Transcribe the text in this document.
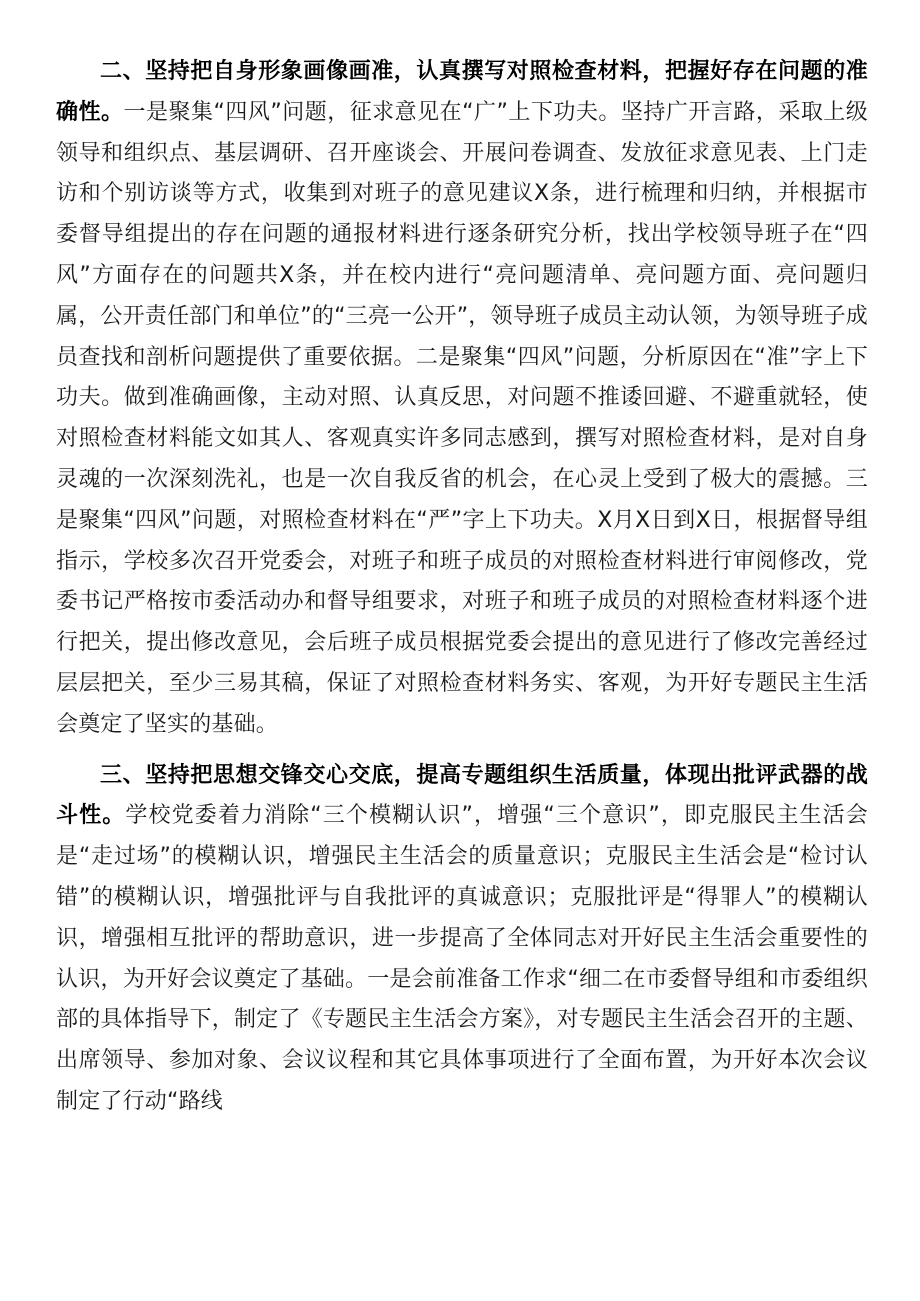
二、坚持把自身形象画像画准，认真撰写对照检查材料，把握好存在问题的准确性。一是聚集“四风”问题，征求意见在“广”上下功夫。坚持广开言路，采取上级领导和组织点、基层调研、召开座谈会、开展问卷调查、发放征求意见表、上门走访和个别访谈等方式，收集到对班子的意见建议X条，进行梳理和归纳，并根据市委督导组提出的存在问题的通报材料进行逐条研究分析，找出学校领导班子在“四风”方面存在的问题共X条，并在校内进行“亮问题清单、亮问题方面、亮问题归属，公开责任部门和单位”的“三亮一公开”，领导班子成员主动认领，为领导班子成员查找和剖析问题提供了重要依据。二是聚集“四风”问题，分析原因在“准”字上下功夫。做到准确画像，主动对照、认真反思，对问题不推诿回避、不避重就轻，使对照检查材料能文如其人、客观真实许多同志感到，撰写对照检查材料，是对自身灵魂的一次深刻洗礼，也是一次自我反省的机会，在心灵上受到了极大的震撼。三是聚集“四风”问题，对照检查材料在“严”字上下功夫。X月X日到X日，根据督导组指示，学校多次召开党委会，对班子和班子成员的对照检查材料进行审阅修改，党委书记严格按市委活动办和督导组要求，对班子和班子成员的对照检查材料逐个进行把关，提出修改意见，会后班子成员根据党委会提出的意见进行了修改完善经过层层把关，至少三易其稿，保证了对照检查材料务实、客观，为开好专题民主生活会奠定了坚实的基础。

三、坚持把思想交锋交心交底，提高专题组织生活质量，体现出批评武器的战斗性。学校党委着力消除“三个模糊认识”，增强“三个意识”，即克服民主生活会是“走过场”的模糊认识，增强民主生活会的质量意识；克服民主生活会是“检讨认错”的模糊认识，增强批评与自我批评的真诚意识；克服批评是“得罪人”的模糊认识，增强相互批评的帮助意识，进一步提高了全体同志对开好民主生活会重要性的认识，为开好会议奠定了基础。一是会前准备工作求“细二在市委督导组和市委组织部的具体指导下，制定了《专题民主生活会方案》，对专题民主生活会召开的主题、出席领导、参加对象、会议议程和其它具体事项进行了全面布置，为开好本次会议制定了行动“路线
